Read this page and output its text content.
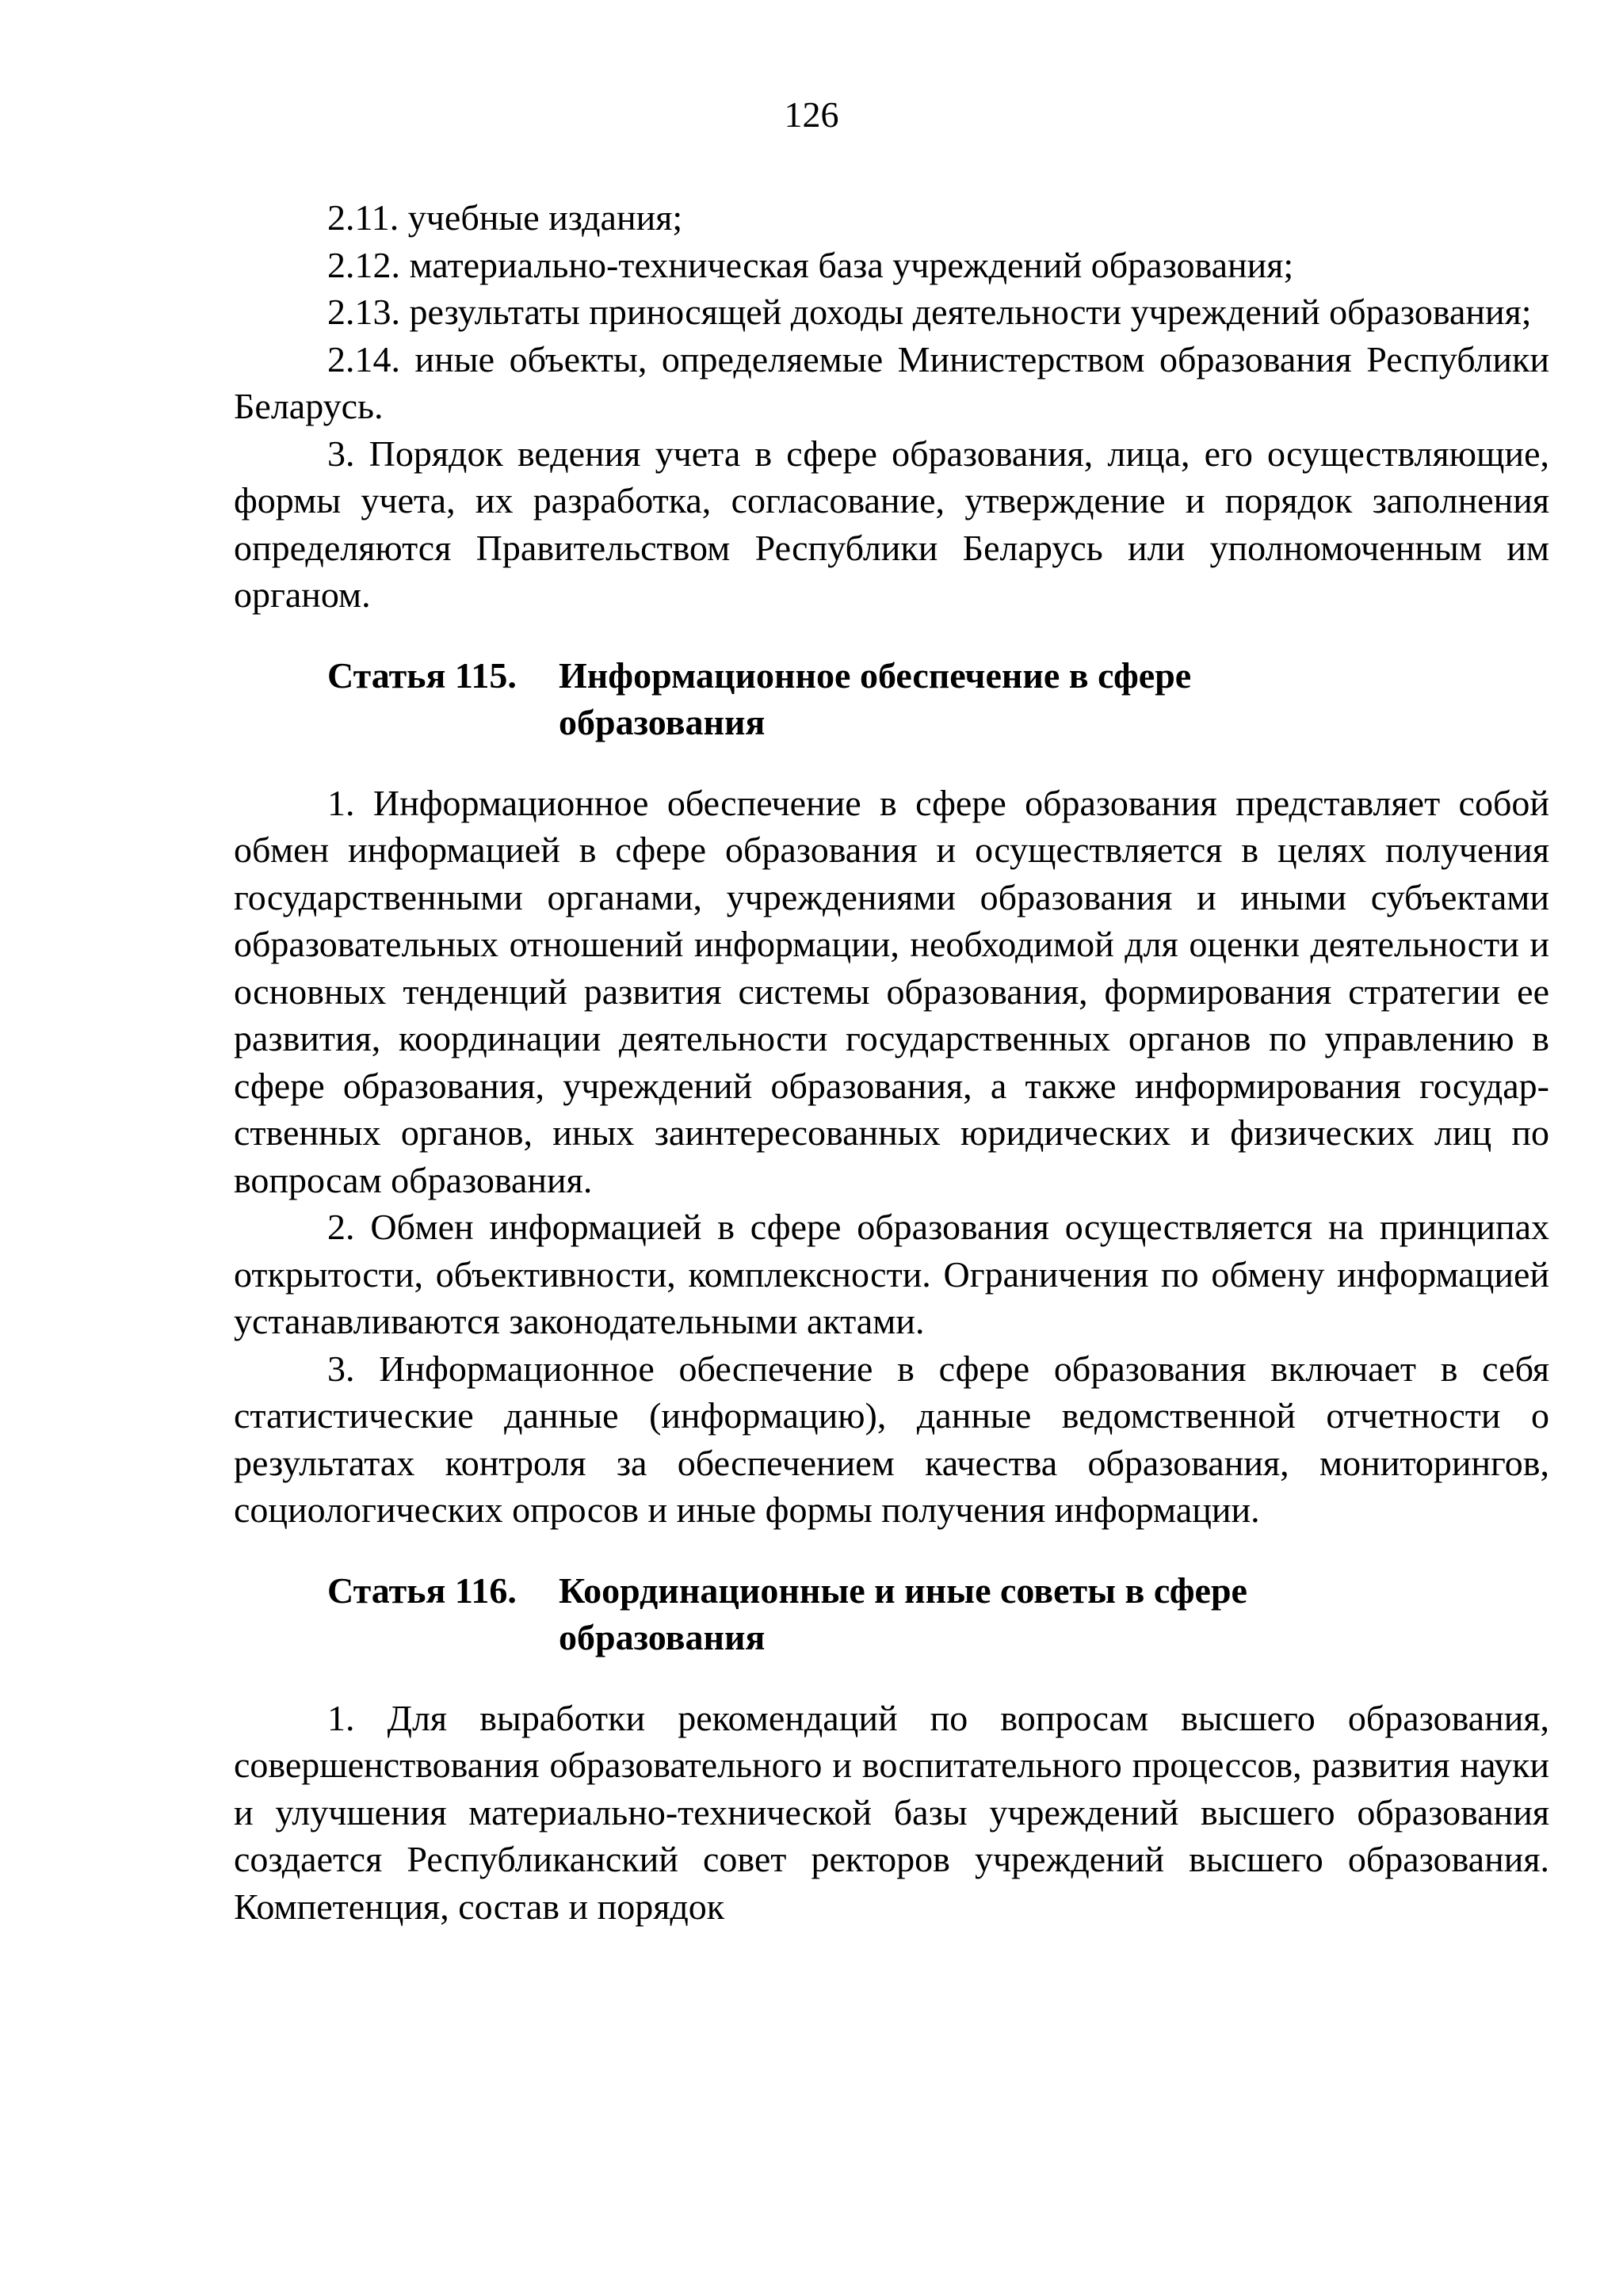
126

2.11. учебные издания;

2.12. материально-техническая база учреждений образования;

2.13. результаты приносящей доходы деятельности учреждений образования;

2.14. иные объекты, определяемые Министерством образования Республики Беларусь.

3. Порядок ведения учета в сфере образования, лица, его осуществляющие, формы учета, их разработка, согласование, утверждение и порядок заполнения определяются Правительством Республики Беларусь или уполномоченным им органом.

Статья 115.	Информационное обеспечение в сфере образования

1. Информационное обеспечение в сфере образования представляет собой обмен информацией в сфере образования и осуществляется в целях получения государственными органами, учреждениями образования и иными субъектами образовательных отношений информации, необходимой для оценки деятельности и основных тенденций развития системы образования, формирования стратегии ее развития, координации деятельности государственных органов по управлению в сфере образования, учреждений образования, а также информирования государственных органов, иных заинтересованных юридических и физических лиц по вопросам образования.

2. Обмен информацией в сфере образования осуществляется на принципах открытости, объективности, комплексности. Ограничения по обмену информацией устанавливаются законодательными актами.

3. Информационное обеспечение в сфере образования включает в себя статистические данные (информацию), данные ведомственной отчетности о результатах контроля за обеспечением качества образования, мониторингов, социологических опросов и иные формы получения информации.

Статья 116.	Координационные и иные советы в сфере образования

1. Для выработки рекомендаций по вопросам высшего образования, совершенствования образовательного и воспитательного процессов, развития науки и улучшения материально-технической базы учреждений высшего образования создается Республиканский совет ректоров учреждений высшего образования. Компетенция, состав и порядок
